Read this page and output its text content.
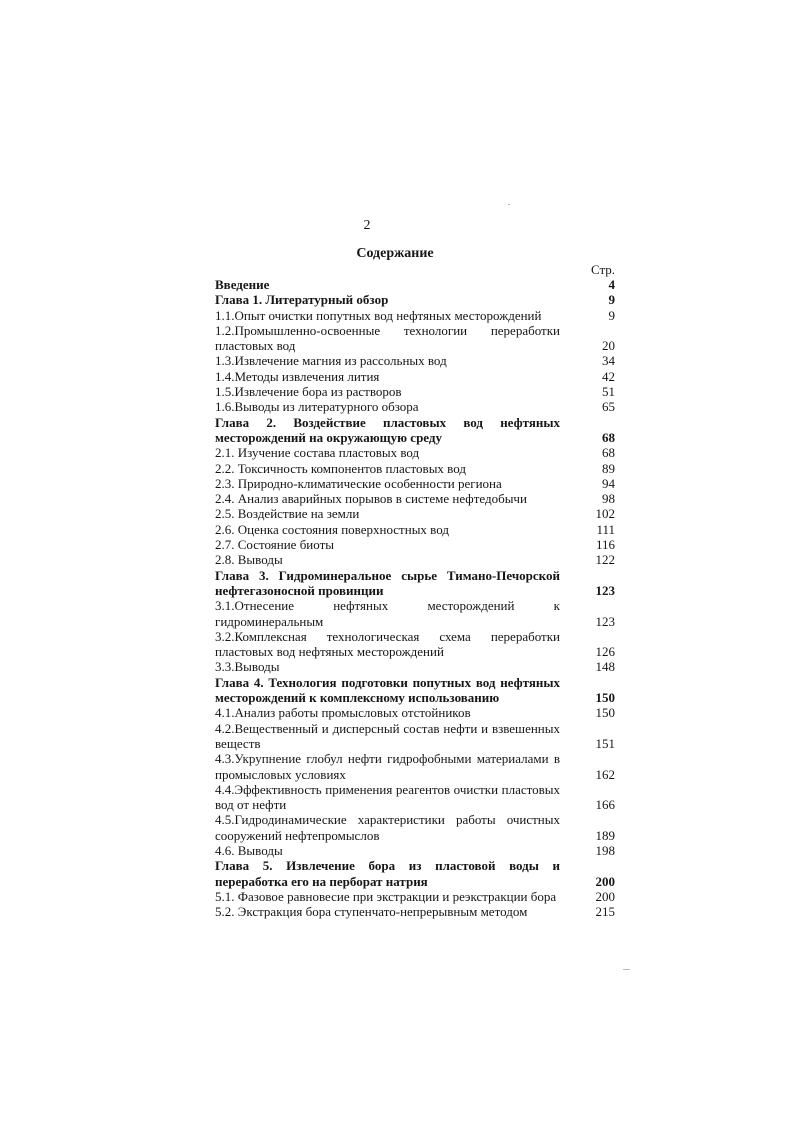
2
Содержание
Стр.
Введение	4
Глава 1. Литературный обзор	9
1.1.Опыт очистки попутных вод нефтяных месторождений	9
1.2.Промышленно-освоенные технологии переработки пластовых вод	20
1.3.Извлечение магния из рассольных вод	34
1.4.Методы извлечения лития	42
1.5.Извлечение бора из растворов	51
1.6.Выводы из литературного обзора	65
Глава 2. Воздействие пластовых вод нефтяных месторождений на окружающую среду	68
2.1. Изучение состава пластовых вод	68
2.2. Токсичность компонентов пластовых вод	89
2.3. Природно-климатические особенности региона	94
2.4. Анализ аварийных порывов в системе нефтедобычи	98
2.5. Воздействие на земли	102
2.6. Оценка состояния поверхностных вод	111
2.7. Состояние биоты	116
2.8. Выводы	122
Глава 3. Гидроминеральное сырье Тимано-Печорской нефтегазоносной провинции	123
3.1.Отнесение нефтяных месторождений к гидроминеральным	123
3.2.Комплексная технологическая схема переработки пластовых вод нефтяных месторождений	126
3.3.Выводы	148
Глава 4. Технология подготовки попутных вод нефтяных месторождений к комплексному использованию	150
4.1.Анализ работы промысловых отстойников	150
4.2.Вещественный и дисперсный состав нефти и взвешенных веществ	151
4.3.Укрупнение глобул нефти гидрофобными материалами в промысловых условиях	162
4.4.Эффективность применения реагентов очистки пластовых вод от нефти	166
4.5.Гидродинамические характеристики работы очистных сооружений нефтепромыслов	189
4.6. Выводы	198
Глава 5. Извлечение бора из пластовой воды и переработка его на перборат натрия	200
5.1. Фазовое равновесие при экстракции и реэкстракции бора	200
5.2. Экстракция бора ступенчато-непрерывным методом	215
